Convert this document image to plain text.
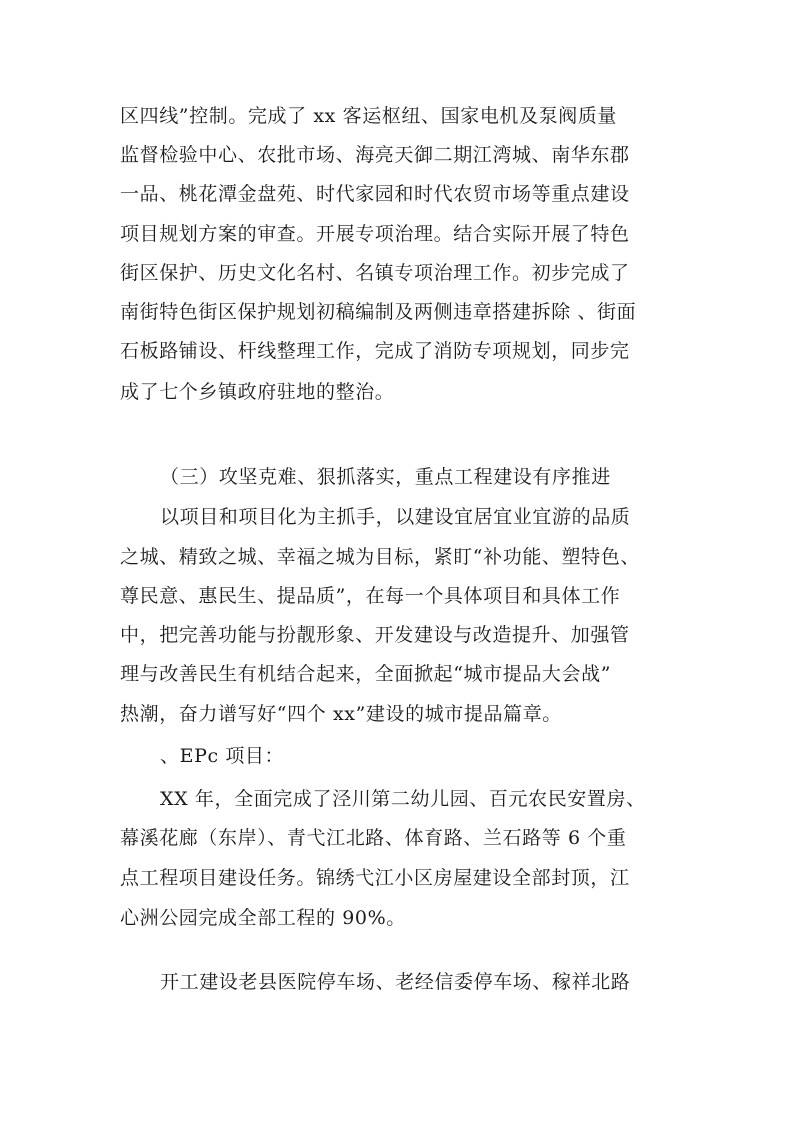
区四线”控制。完成了 xx 客运枢纽、国家电机及泵阀质量
监督检验中心、农批市场、海亮天御二期江湾城、南华东郡
一品、桃花潭金盘苑、时代家园和时代农贸市场等重点建设
项目规划方案的审查。开展专项治理。结合实际开展了特色
街区保护、历史文化名村、名镇专项治理工作。初步完成了
南街特色街区保护规划初稿编制及两侧违章搭建拆除 、街面
石板路铺设、杆线整理工作，完成了消防专项规划，同步完
成了七个乡镇政府驻地的整治。
（三）攻坚克难、狠抓落实，重点工程建设有序推进
以项目和项目化为主抓手，以建设宜居宜业宜游的品质
之城、精致之城、幸福之城为目标，紧盯“补功能、塑特色、
尊民意、惠民生、提品质”，在每一个具体项目和具体工作
中，把完善功能与扮靓形象、开发建设与改造提升、加强管
理与改善民生有机结合起来，全面掀起“城市提品大会战”
热潮，奋力谱写好“四个 xx”建设的城市提品篇章。
、EPc 项目：
XX 年，全面完成了泾川第二幼儿园、百元农民安置房、
幕溪花廊（东岸）、青弋江北路、体育路、兰石路等 6 个重
点工程项目建设任务。锦绣弋江小区房屋建设全部封顶，江
心洲公园完成全部工程的 90%。
开工建设老县医院停车场、老经信委停车场、稼祥北路
